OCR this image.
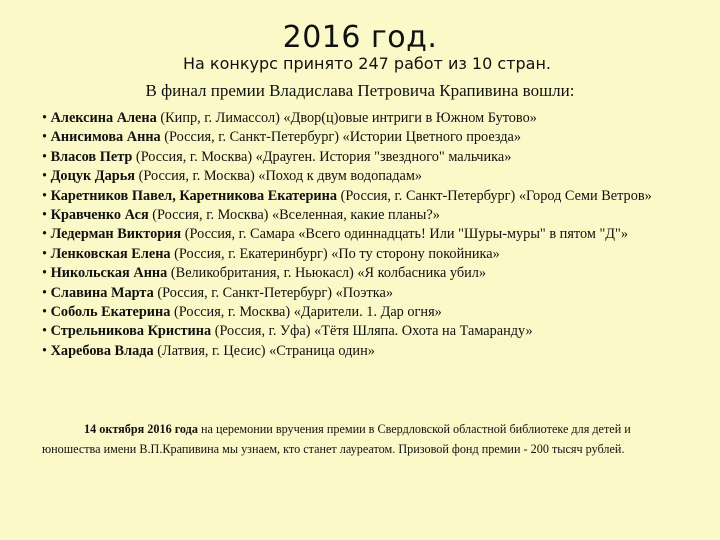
2016 год.
На конкурс принято 247 работ из 10 стран.
В финал премии Владислава Петровича Крапивина вошли:
• Алексина Алена (Кипр, г. Лимассол) «Двор(ц)овые интриги в Южном Бутово»
• Анисимова Анна (Россия, г. Санкт-Петербург) «Истории Цветного проезда»
• Власов Петр (Россия, г. Москва) «Драуген. История "звездного" мальчика»
• Доцук Дарья (Россия, г. Москва) «Поход к двум водопадам»
• Каретников Павел, Каретникова Екатерина (Россия, г. Санкт-Петербург) «Город Семи Ветров»
• Кравченко Ася (Россия, г. Москва) «Вселенная, какие планы?»
• Ледерман Виктория (Россия, г. Самара «Всего одиннадцать! Или "Шуры-муры" в пятом "Д"»
• Ленковская Елена (Россия, г. Екатеринбург) «По ту сторону покойника»
• Никольская Анна (Великобритания, г. Ньюкасл) «Я колбасника убил»
• Славина Марта (Россия, г. Санкт-Петербург) «Поэтка»
• Соболь Екатерина (Россия, г. Москва) «Дарители. 1. Дар огня»
• Стрельникова Кристина (Россия, г. Уфа) «Тётя Шляпа. Охота на Тамаранду»
• Харебова Влада (Латвия, г. Цесис) «Страница один»

14 октября 2016 года на церемонии вручения премии в Свердловской областной библиотеке для детей и юношества имени В.П.Крапивина мы узнаем, кто станет лауреатом. Призовой фонд премии - 200 тысяч рублей.
